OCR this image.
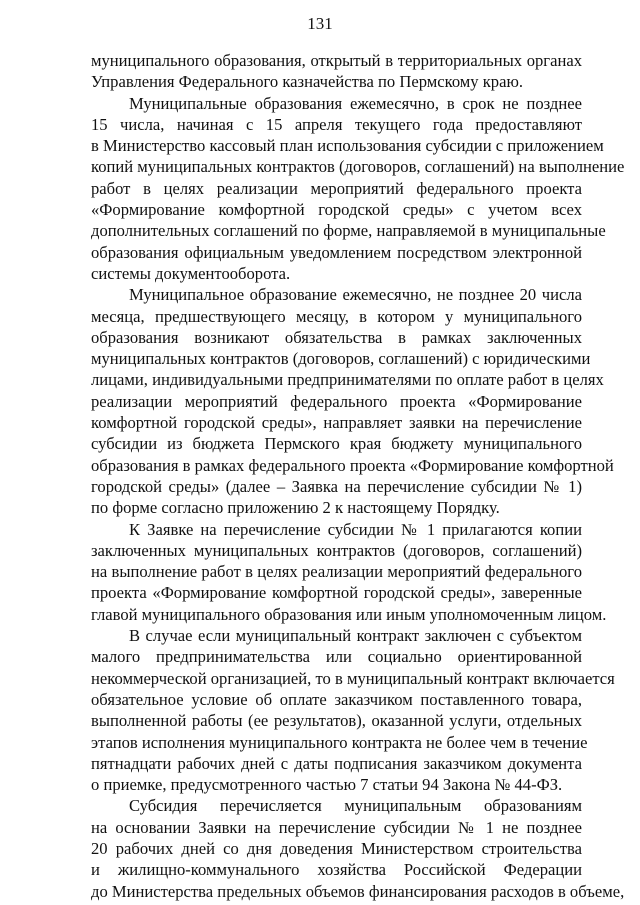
131

муниципального образования, открытый в территориальных органах
Управления Федерального казначейства по Пермскому краю.

Муниципальные образования ежемесячно, в срок не позднее
15 числа, начиная с 15 апреля текущего года предоставляют
в Министерство кассовый план использования субсидии с приложением
копий муниципальных контрактов (договоров, соглашений) на выполнение
работ в целях реализации мероприятий федерального проекта
«Формирование комфортной городской среды» с учетом всех
дополнительных соглашений по форме, направляемой в муниципальные
образования официальным уведомлением посредством электронной
системы документооборота.

Муниципальное образование ежемесячно, не позднее 20 числа
месяца, предшествующего месяцу, в котором у муниципального
образования возникают обязательства в рамках заключенных
муниципальных контрактов (договоров, соглашений) с юридическими
лицами, индивидуальными предпринимателями по оплате работ в целях
реализации мероприятий федерального проекта «Формирование
комфортной городской среды», направляет заявки на перечисление
субсидии из бюджета Пермского края бюджету муниципального
образования в рамках федерального проекта «Формирование комфортной
городской среды» (далее – Заявка на перечисление субсидии № 1)
по форме согласно приложению 2 к настоящему Порядку.

К Заявке на перечисление субсидии № 1 прилагаются копии
заключенных муниципальных контрактов (договоров, соглашений)
на выполнение работ в целях реализации мероприятий федерального
проекта «Формирование комфортной городской среды», заверенные
главой муниципального образования или иным уполномоченным лицом.

В случае если муниципальный контракт заключен с субъектом
малого предпринимательства или социально ориентированной
некоммерческой организацией, то в муниципальный контракт включается
обязательное условие об оплате заказчиком поставленного товара,
выполненной работы (ее результатов), оказанной услуги, отдельных
этапов исполнения муниципального контракта не более чем в течение
пятнадцати рабочих дней с даты подписания заказчиком документа
о приемке, предусмотренного частью 7 статьи 94 Закона № 44-ФЗ.

Субсидия перечисляется муниципальным образованиям
на основании Заявки на перечисление субсидии № 1 не позднее
20 рабочих дней со дня доведения Министерством строительства
и жилищно-коммунального хозяйства Российской Федерации
до Министерства предельных объемов финансирования расходов в объеме,
